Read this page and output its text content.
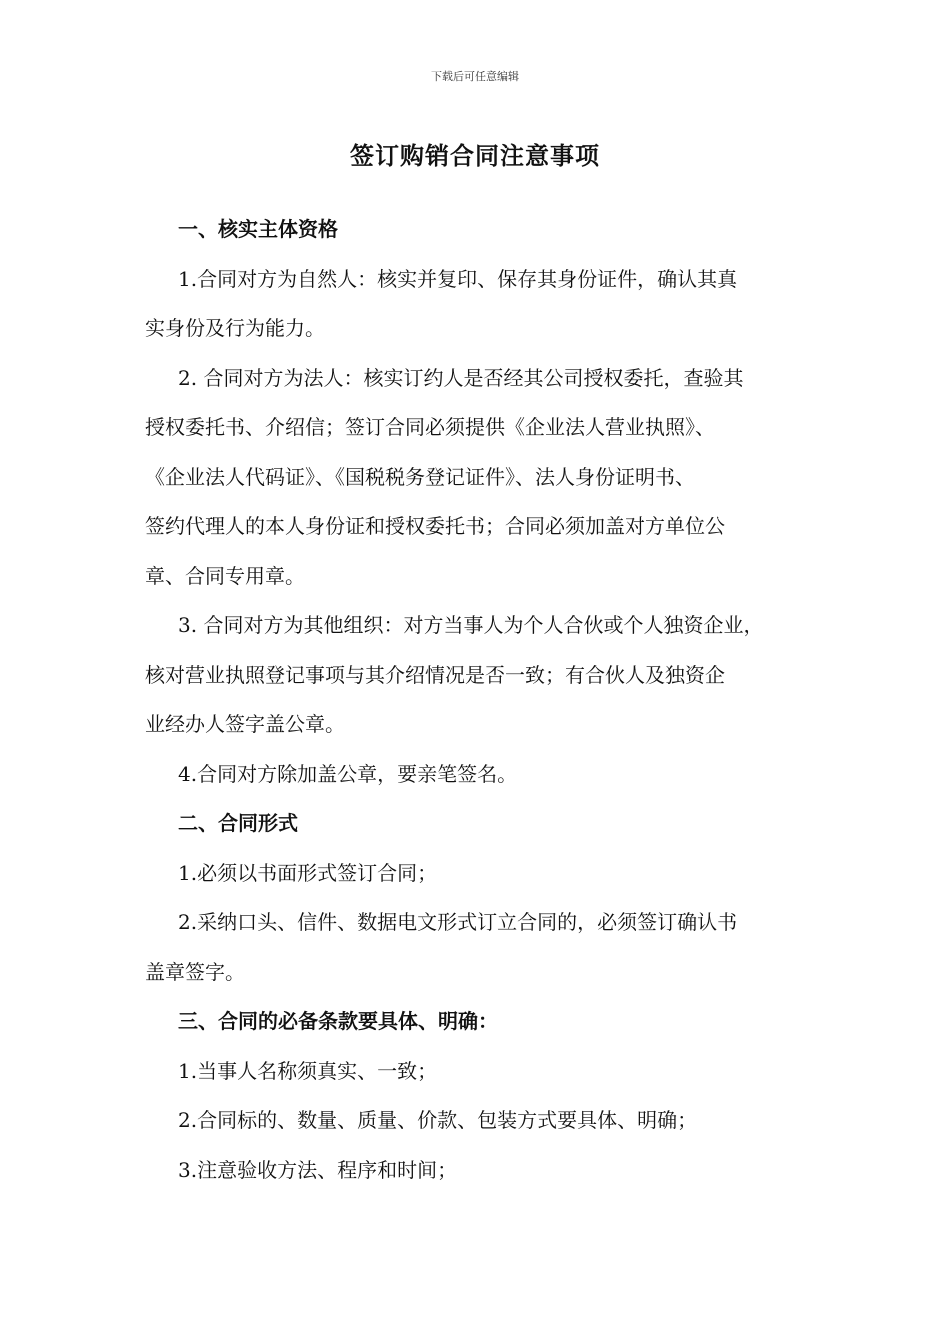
下载后可任意编辑
签订购销合同注意事项
一、核实主体资格
1.合同对方为自然人：核实并复印、保存其身份证件，确认其真
实身份及行为能力。
2. 合同对方为法人：核实订约人是否经其公司授权委托，查验其
授权委托书、介绍信；签订合同必须提供《企业法人营业执照》、
《企业法人代码证》、《国税税务登记证件》、法人身份证明书、
签约代理人的本人身份证和授权委托书；合同必须加盖对方单位公
章、合同专用章。
3. 合同对方为其他组织：对方当事人为个人合伙或个人独资企业，
核对营业执照登记事项与其介绍情况是否一致；有合伙人及独资企
业经办人签字盖公章。
4.合同对方除加盖公章，要亲笔签名。
二、合同形式
1.必须以书面形式签订合同；
2.采纳口头、信件、数据电文形式订立合同的，必须签订确认书
盖章签字。
三、合同的必备条款要具体、明确：
1.当事人名称须真实、一致；
2.合同标的、数量、质量、价款、包装方式要具体、明确；
3.注意验收方法、程序和时间；
